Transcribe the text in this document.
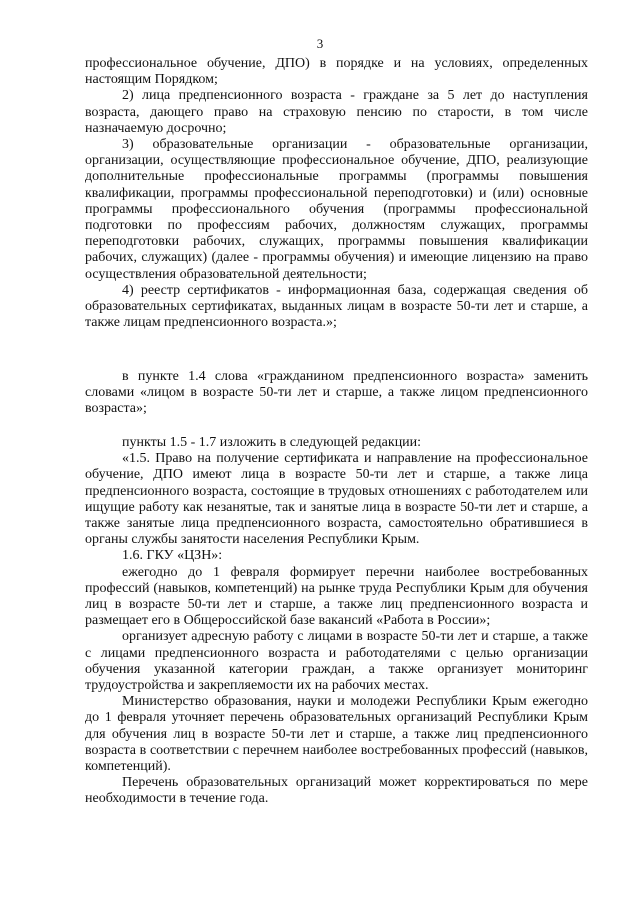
3

профессиональное обучение, ДПО) в порядке и на условиях, определенных настоящим Порядком;

2) лица предпенсионного возраста - граждане за 5 лет до наступления возраста, дающего право на страховую пенсию по старости, в том числе назначаемую досрочно;

3) образовательные организации - образовательные организации, организации, осуществляющие профессиональное обучение, ДПО, реализующие дополнительные профессиональные программы (программы повышения квалификации, программы профессиональной переподготовки) и (или) основные программы профессионального обучения (программы профессиональной подготовки по профессиям рабочих, должностям служащих, программы переподготовки рабочих, служащих, программы повышения квалификации рабочих, служащих) (далее - программы обучения) и имеющие лицензию на право осуществления образовательной деятельности;

4) реестр сертификатов - информационная база, содержащая сведения об образовательных сертификатах, выданных лицам в возрасте 50-ти лет и старше, а также лицам предпенсионного возраста.»;

в пункте 1.4 слова «гражданином предпенсионного возраста» заменить словами «лицом в возрасте 50-ти лет и старше, а также лицом предпенсионного возраста»;

пункты 1.5 - 1.7 изложить в следующей редакции:

«1.5. Право на получение сертификата и направление на профессиональное обучение, ДПО имеют лица в возрасте 50-ти лет и старше, а также лица предпенсионного возраста, состоящие в трудовых отношениях с работодателем или ищущие работу как незанятые, так и занятые лица в возрасте 50-ти лет и старше, а также занятые лица предпенсионного возраста, самостоятельно обратившиеся в органы службы занятости населения Республики Крым.

1.6. ГКУ «ЦЗН»:

ежегодно до 1 февраля формирует перечни наиболее востребованных профессий (навыков, компетенций) на рынке труда Республики Крым для обучения лиц в возрасте 50-ти лет и старше, а также лиц предпенсионного возраста и размещает его в Общероссийской базе вакансий «Работа в России»;

организует адресную работу с лицами в возрасте 50-ти лет и старше, а также с лицами предпенсионного возраста и работодателями с целью организации обучения указанной категории граждан, а также организует мониторинг трудоустройства и закрепляемости их на рабочих местах.

Министерство образования, науки и молодежи Республики Крым ежегодно до 1 февраля уточняет перечень образовательных организаций Республики Крым для обучения лиц в возрасте 50-ти лет и старше, а также лиц предпенсионного возраста в соответствии с перечнем наиболее востребованных профессий (навыков, компетенций).

Перечень образовательных организаций может корректироваться по мере необходимости в течение года.
